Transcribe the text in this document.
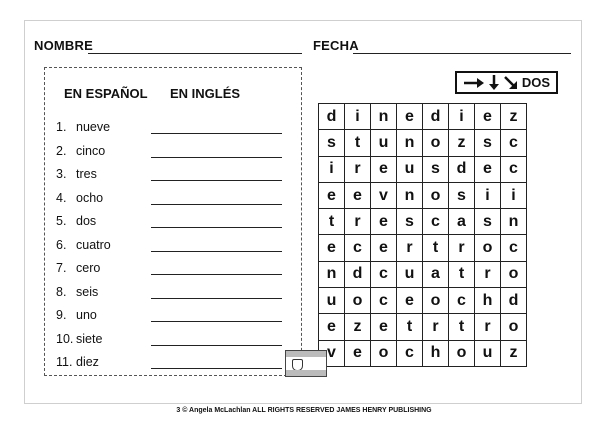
NOMBRE	FECHA
EN ESPAÑOL EN INGLÉS
1. nueve
2. cinco
3. tres
4. ocho
5. dos
6. cuatro
7. cero
8. seis
9. uno
10. siete
11. diez
DOS
d	i	n	e	d	i	e	z
s	t	u	n	o	z	s	c
i	r	e	u	s	d	e	c
e	e	v	n	o	s	i	i
t	r	e	s	c	a	s	n
e	c	e	r	t	r	o	c
n	d	c	u	a	t	r	o
u	o	c	e	o	c	h	d
e	z	e	t	r	t	r	o
v	e	o	c	h	o	u	z
3 © Angela McLachlan ALL RIGHTS RESERVED JAMES HENRY PUBLISHING
